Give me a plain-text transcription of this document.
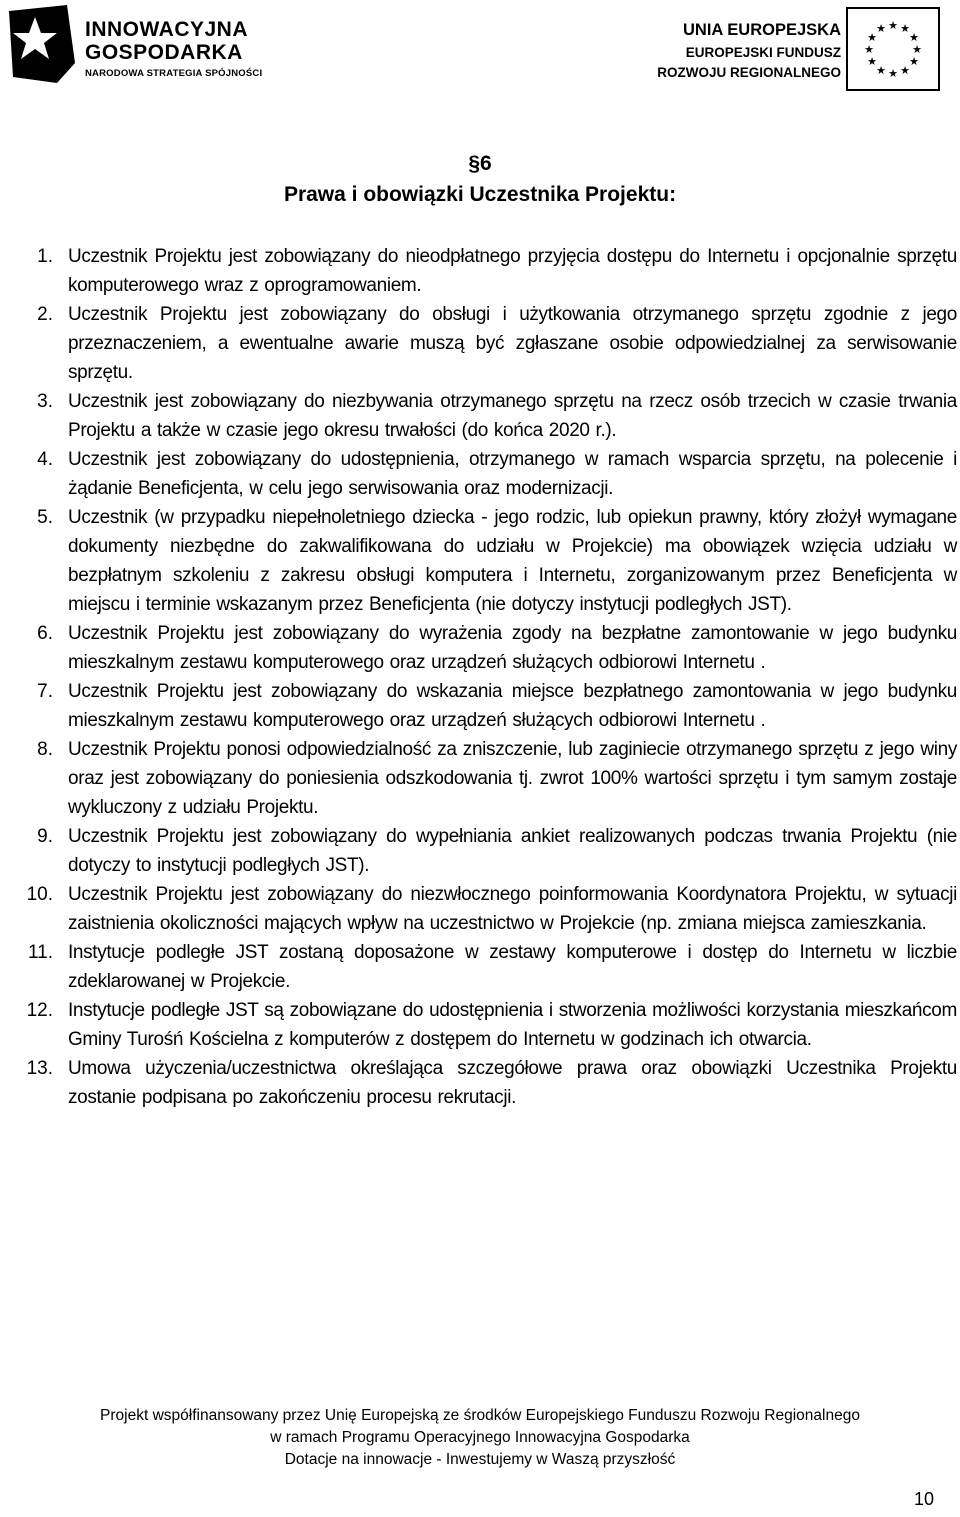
INNOWACYJNA
GOSPODARKA
NARODOWA STRATEGIA SPÓJNOŚCI
UNIA EUROPEJSKA
EUROPEJSKI FUNDUSZ
ROZWOJU REGIONALNEGO
★ ★
★
★
★
★
★
★
★
★
★
★
§6
Prawa i obowiązki Uczestnika Projektu:
1. Uczestnik Projektu jest zobowiązany do nieodpłatnego przyjęcia dostępu do Internetu i opcjonalnie sprzętu komputerowego wraz z oprogramowaniem.
2. Uczestnik Projektu jest zobowiązany do obsługi i użytkowania otrzymanego sprzętu zgodnie z jego przeznaczeniem, a ewentualne awarie muszą być zgłaszane osobie odpowiedzialnej za serwisowanie sprzętu.
3. Uczestnik jest zobowiązany do niezbywania otrzymanego sprzętu na rzecz osób trzecich w czasie trwania Projektu a także w czasie jego okresu trwałości (do końca 2020 r.).
4. Uczestnik jest zobowiązany do udostępnienia, otrzymanego w ramach wsparcia sprzętu, na polecenie i żądanie Beneficjenta, w celu jego serwisowania oraz modernizacji.
5. Uczestnik (w przypadku niepełnoletniego dziecka - jego rodzic, lub opiekun prawny, który złożył wymagane dokumenty niezbędne do zakwalifikowana do udziału w Projekcie) ma obowiązek wzięcia udziału w bezpłatnym szkoleniu z zakresu obsługi komputera i Internetu, zorganizowanym przez Beneficjenta w miejscu i terminie wskazanym przez Beneficjenta (nie dotyczy instytucji podległych JST).
6. Uczestnik Projektu jest zobowiązany do wyrażenia zgody na bezpłatne zamontowanie w jego budynku mieszkalnym zestawu komputerowego oraz urządzeń służących odbiorowi Internetu .
7. Uczestnik Projektu jest zobowiązany do wskazania miejsce bezpłatnego zamontowania w jego budynku mieszkalnym zestawu komputerowego oraz urządzeń służących odbiorowi Internetu .
8. Uczestnik Projektu ponosi odpowiedzialność za zniszczenie, lub zaginiecie otrzymanego sprzętu z jego winy oraz jest zobowiązany do poniesienia odszkodowania tj. zwrot 100% wartości sprzętu i tym samym zostaje wykluczony z udziału Projektu.
9. Uczestnik Projektu jest zobowiązany do wypełniania ankiet realizowanych podczas trwania Projektu (nie dotyczy to instytucji podległych JST).
10. Uczestnik Projektu jest zobowiązany do niezwłocznego poinformowania Koordynatora Projektu, w sytuacji zaistnienia okoliczności mających wpływ na uczestnictwo w Projekcie (np. zmiana miejsca zamieszkania.
11. Instytucje podległe JST zostaną doposażone w zestawy komputerowe i dostęp do Internetu w liczbie zdeklarowanej w Projekcie.
12. Instytucje podległe JST są zobowiązane do udostępnienia i stworzenia możliwości korzystania mieszkańcom Gminy Turośń Kościelna z komputerów z dostępem do Internetu w godzinach ich otwarcia.
13. Umowa użyczenia/uczestnictwa określająca szczegółowe prawa oraz obowiązki Uczestnika Projektu zostanie podpisana po zakończeniu procesu rekrutacji.
Projekt współfinansowany przez Unię Europejską ze środków Europejskiego Funduszu Rozwoju Regionalnego
w ramach Programu Operacyjnego Innowacyjna Gospodarka
Dotacje na innowacje - Inwestujemy w Waszą przyszłość
10
